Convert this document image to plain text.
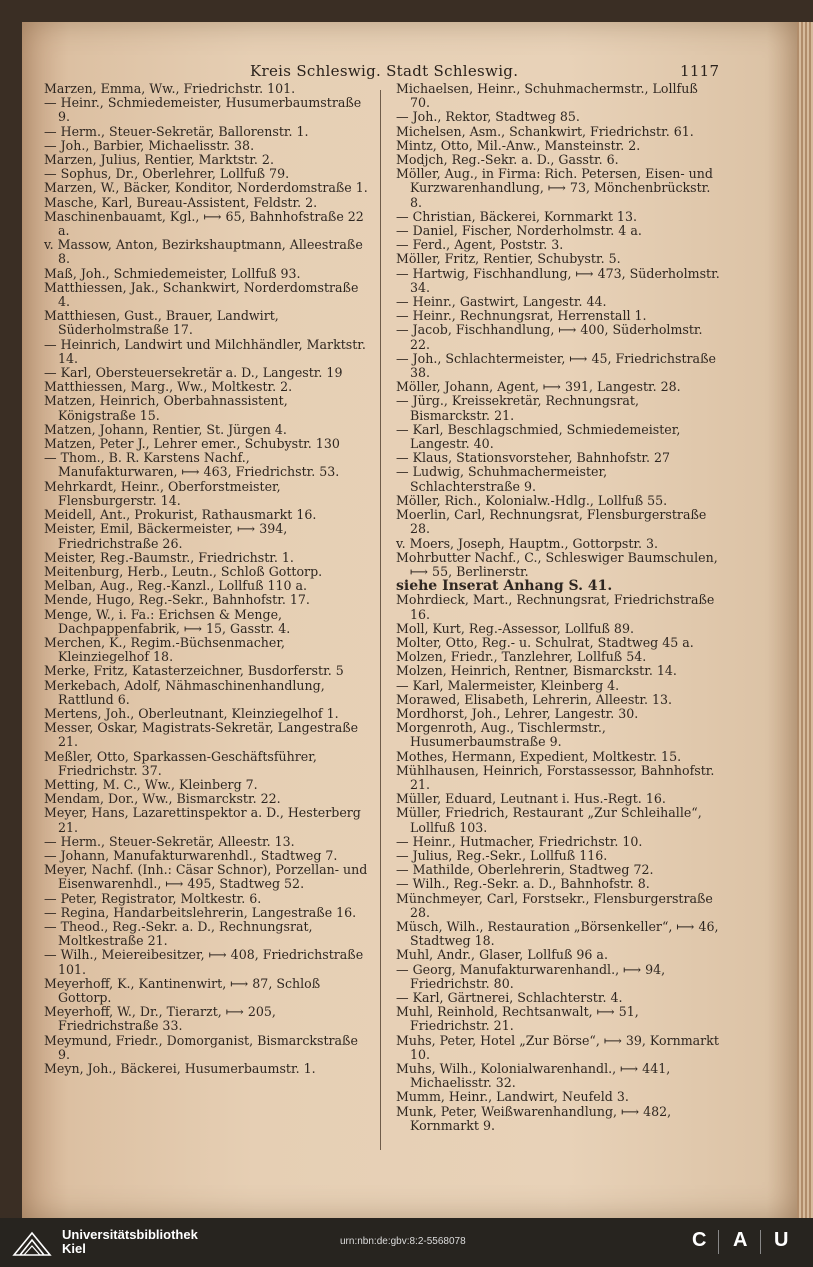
Kreis Schleswig. Stadt Schleswig.	1117

Marzen, Emma, Ww., Friedrichstr. 101.

— Heinr., Schmiedemeister, Husumerbaumstraße 9.

— Herm., Steuer-Sekretär, Ballorenstr. 1.

— Joh., Barbier, Michaelisstr. 38.

Marzen, Julius, Rentier, Marktstr. 2.

— Sophus, Dr., Oberlehrer, Lollfuß 79.

Marzen, W., Bäcker, Konditor, Norderdomstraße 1.

Masche, Karl, Bureau-Assistent, Feldstr. 2.

Maschinenbauamt, Kgl., ⟼ 65, Bahnhofstraße 22 a.

v. Massow, Anton, Bezirkshauptmann, Alleestraße 8.

Maß, Joh., Schmiedemeister, Lollfuß 93.

Matthiessen, Jak., Schankwirt, Norderdomstraße 4.

Matthiesen, Gust., Brauer, Landwirt, Süderholmstraße 17.

— Heinrich, Landwirt und Milchhändler, Marktstr. 14.

— Karl, Obersteuersekretär a. D., Langestr. 19

Matthiessen, Marg., Ww., Moltkestr. 2.

Matzen, Heinrich, Oberbahnassistent, Königstraße 15.

Matzen, Johann, Rentier, St. Jürgen 4.

Matzen, Peter J., Lehrer emer., Schubystr. 130

— Thom., B. R. Karstens Nachf., Manufakturwaren, ⟼ 463, Friedrichstr. 53.

Mehrkardt, Heinr., Oberforstmeister, Flensburgerstr. 14.

Meidell, Ant., Prokurist, Rathausmarkt 16.

Meister, Emil, Bäckermeister, ⟼ 394, Friedrichstraße 26.

Meister, Reg.-Baumstr., Friedrichstr. 1.

Meitenburg, Herb., Leutn., Schloß Gottorp.

Melban, Aug., Reg.-Kanzl., Lollfuß 110 a.

Mende, Hugo, Reg.-Sekr., Bahnhofstr. 17.

Menge, W., i. Fa.: Erichsen & Menge, Dachpappenfabrik, ⟼ 15, Gasstr. 4.

Merchen, K., Regim.-Büchsenmacher, Kleinziegelhof 18.

Merke, Fritz, Katasterzeichner, Busdorferstr. 5

Merkebach, Adolf, Nähmaschinenhandlung, Rattlund 6.

Mertens, Joh., Oberleutnant, Kleinziegelhof 1.

Messer, Oskar, Magistrats-Sekretär, Langestraße 21.

Meßler, Otto, Sparkassen-Geschäftsführer, Friedrichstr. 37.

Metting, M. C., Ww., Kleinberg 7.

Mendam, Dor., Ww., Bismarckstr. 22.

Meyer, Hans, Lazarettinspektor a. D., Hesterberg 21.

— Herm., Steuer-Sekretär, Alleestr. 13.

— Johann, Manufakturwarenhdl., Stadtweg 7.

Meyer, Nachf. (Inh.: Cäsar Schnor), Porzellan- und Eisenwarenhdl., ⟼ 495, Stadtweg 52.

— Peter, Registrator, Moltkestr. 6.

— Regina, Handarbeitslehrerin, Langestraße 16.

— Theod., Reg.-Sekr. a. D., Rechnungsrat, Moltkestraße 21.

— Wilh., Meiereibesitzer, ⟼ 408, Friedrichstraße 101.

Meyerhoff, K., Kantinenwirt, ⟼ 87, Schloß Gottorp.

Meyerhoff, W., Dr., Tierarzt, ⟼ 205, Friedrichstraße 33.

Meymund, Friedr., Domorganist, Bismarckstraße 9.

Meyn, Joh., Bäckerei, Husumerbaumstr. 1.

Michaelsen, Heinr., Schuhmachermstr., Lollfuß 70.

— Joh., Rektor, Stadtweg 85.

Michelsen, Asm., Schankwirt, Friedrichstr. 61.

Mintz, Otto, Mil.-Anw., Mansteinstr. 2.

Modjch, Reg.-Sekr. a. D., Gasstr. 6.

Möller, Aug., in Firma: Rich. Petersen, Eisen- und Kurzwarenhandlung, ⟼ 73, Mönchenbrückstr. 8.

— Christian, Bäckerei, Kornmarkt 13.

— Daniel, Fischer, Norderholmstr. 4 a.

— Ferd., Agent, Poststr. 3.

Möller, Fritz, Rentier, Schubystr. 5.

— Hartwig, Fischhandlung, ⟼ 473, Süderholmstr. 34.

— Heinr., Gastwirt, Langestr. 44.

— Heinr., Rechnungsrat, Herrenstall 1.

— Jacob, Fischhandlung, ⟼ 400, Süderholmstr. 22.

— Joh., Schlachtermeister, ⟼ 45, Friedrichstraße 38.

Möller, Johann, Agent, ⟼ 391, Langestr. 28.

— Jürg., Kreissekretär, Rechnungsrat, Bismarckstr. 21.

— Karl, Beschlagschmied, Schmiedemeister, Langestr. 40.

— Klaus, Stationsvorsteher, Bahnhofstr. 27

— Ludwig, Schuhmachermeister, Schlachterstraße 9.

Möller, Rich., Kolonialw.-Hdlg., Lollfuß 55.

Moerlin, Carl, Rechnungsrat, Flensburgerstraße 28.

v. Moers, Joseph, Hauptm., Gottorpstr. 3.

Mohrbutter Nachf., C., Schleswiger Baumschulen, ⟼ 55, Berlinerstr.

siehe Inserat Anhang S. 41.

Mohrdieck, Mart., Rechnungsrat, Friedrichstraße 16.

Moll, Kurt, Reg.-Assessor, Lollfuß 89.

Molter, Otto, Reg.- u. Schulrat, Stadtweg 45 a.

Molzen, Friedr., Tanzlehrer, Lollfuß 54.

Molzen, Heinrich, Rentner, Bismarckstr. 14.

— Karl, Malermeister, Kleinberg 4.

Morawed, Elisabeth, Lehrerin, Alleestr. 13.

Mordhorst, Joh., Lehrer, Langestr. 30.

Morgenroth, Aug., Tischlermstr., Husumerbaumstraße 9.

Mothes, Hermann, Expedient, Moltkestr. 15.

Mühlhausen, Heinrich, Forstassessor, Bahnhofstr. 21.

Müller, Eduard, Leutnant i. Hus.-Regt. 16.

Müller, Friedrich, Restaurant „Zur Schleihalle“, Lollfuß 103.

— Heinr., Hutmacher, Friedrichstr. 10.

— Julius, Reg.-Sekr., Lollfuß 116.

— Mathilde, Oberlehrerin, Stadtweg 72.

— Wilh., Reg.-Sekr. a. D., Bahnhofstr. 8.

Münchmeyer, Carl, Forstsekr., Flensburgerstraße 28.

Müsch, Wilh., Restauration „Börsenkeller“, ⟼ 46, Stadtweg 18.

Muhl, Andr., Glaser, Lollfuß 96 a.

— Georg, Manufakturwarenhandl., ⟼ 94, Friedrichstr. 80.

— Karl, Gärtnerei, Schlachterstr. 4.

Muhl, Reinhold, Rechtsanwalt, ⟼ 51, Friedrichstr. 21.

Muhs, Peter, Hotel „Zur Börse“, ⟼ 39, Kornmarkt 10.

Muhs, Wilh., Kolonialwarenhandl., ⟼ 441, Michaelisstr. 32.

Mumm, Heinr., Landwirt, Neufeld 3.

Munk, Peter, Weißwarenhandlung, ⟼ 482, Kornmarkt 9.

Universitätsbibliothek
Kiel	urn:nbn:de:gbv:8:2-5568078	C A U
